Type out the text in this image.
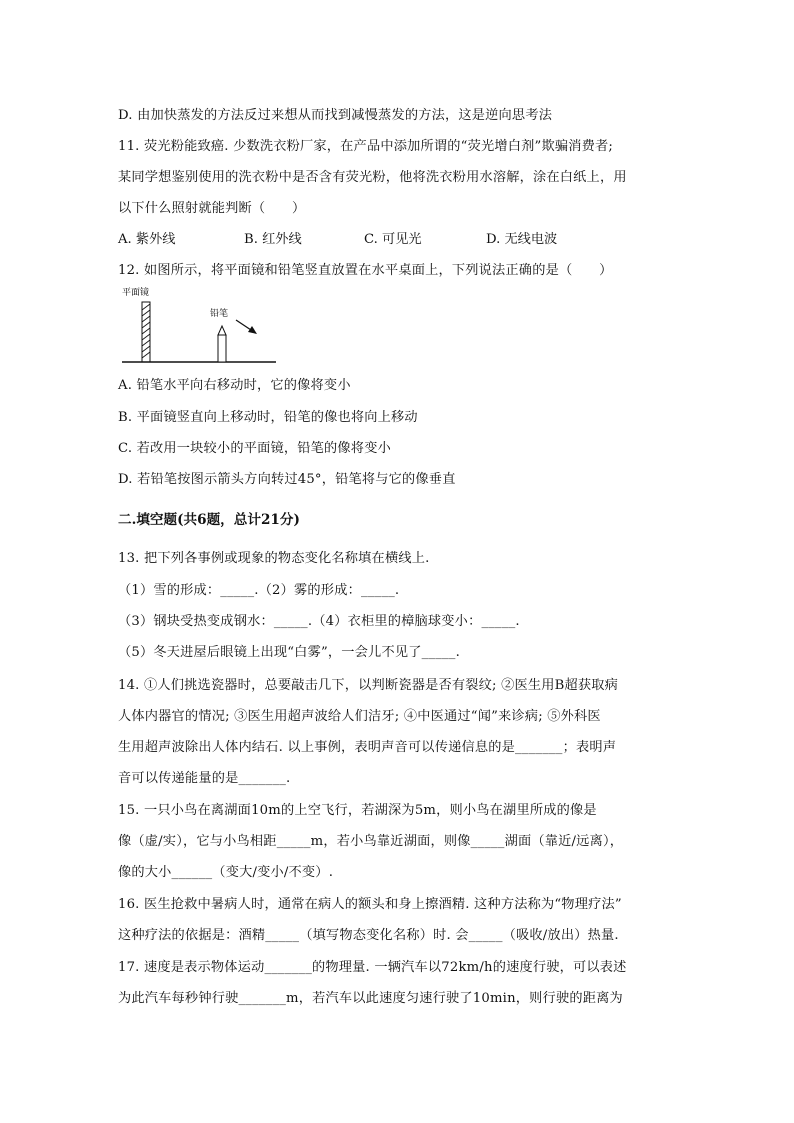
D. 由加快蒸发的方法反过来想从而找到减慢蒸发的方法，这是逆向思考法
11. 荧光粉能致癌. 少数洗衣粉厂家，在产品中添加所谓的“荧光增白剂”欺骗消费者;
某同学想鉴别使用的洗衣粉中是否含有荧光粉，他将洗衣粉用水溶解，涂在白纸上，用
以下什么照射就能判断（　　）
A. 紫外线	B. 红外线	C. 可见光	D. 无线电波
12. 如图所示，将平面镜和铅笔竖直放置在水平桌面上，下列说法正确的是（　　）
平面镜
铅笔
A. 铅笔水平向右移动时，它的像将变小
B. 平面镜竖直向上移动时，铅笔的像也将向上移动
C. 若改用一块较小的平面镜，铅笔的像将变小
D. 若铅笔按图示箭头方向转过45°，铅笔将与它的像垂直
二.填空题(共6题，总计21分)
13. 把下列各事例或现象的物态变化名称填在横线上.
（1）雪的形成：_____.（2）雾的形成：_____.
（3）钢块受热变成钢水：_____.（4）衣柜里的樟脑球变小：_____.
（5）冬天进屋后眼镜上出现“白雾”，一会儿不见了_____.
14. ①人们挑选瓷器时，总要敲击几下，以判断瓷器是否有裂纹; ②医生用B超获取病
人体内器官的情况; ③医生用超声波给人们洁牙; ④中医通过“闻”来诊病; ⑤外科医
生用超声波除出人体内结石. 以上事例，表明声音可以传递信息的是_______；表明声
音可以传递能量的是_______.
15. 一只小鸟在离湖面10m的上空飞行，若湖深为5m，则小鸟在湖里所成的像是
像（虚/实），它与小鸟相距_____m，若小鸟靠近湖面，则像_____湖面（靠近/远离），
像的大小______（变大/变小/不变）.
16. 医生抢救中暑病人时，通常在病人的额头和身上擦酒精. 这种方法称为“物理疗法”
这种疗法的依据是：酒精_____（填写物态变化名称）时. 会_____（吸收/放出）热量.
17. 速度是表示物体运动_______的物理量. 一辆汽车以72km/h的速度行驶，可以表述
为此汽车每秒钟行驶_______m，若汽车以此速度匀速行驶了10min，则行驶的距离为
